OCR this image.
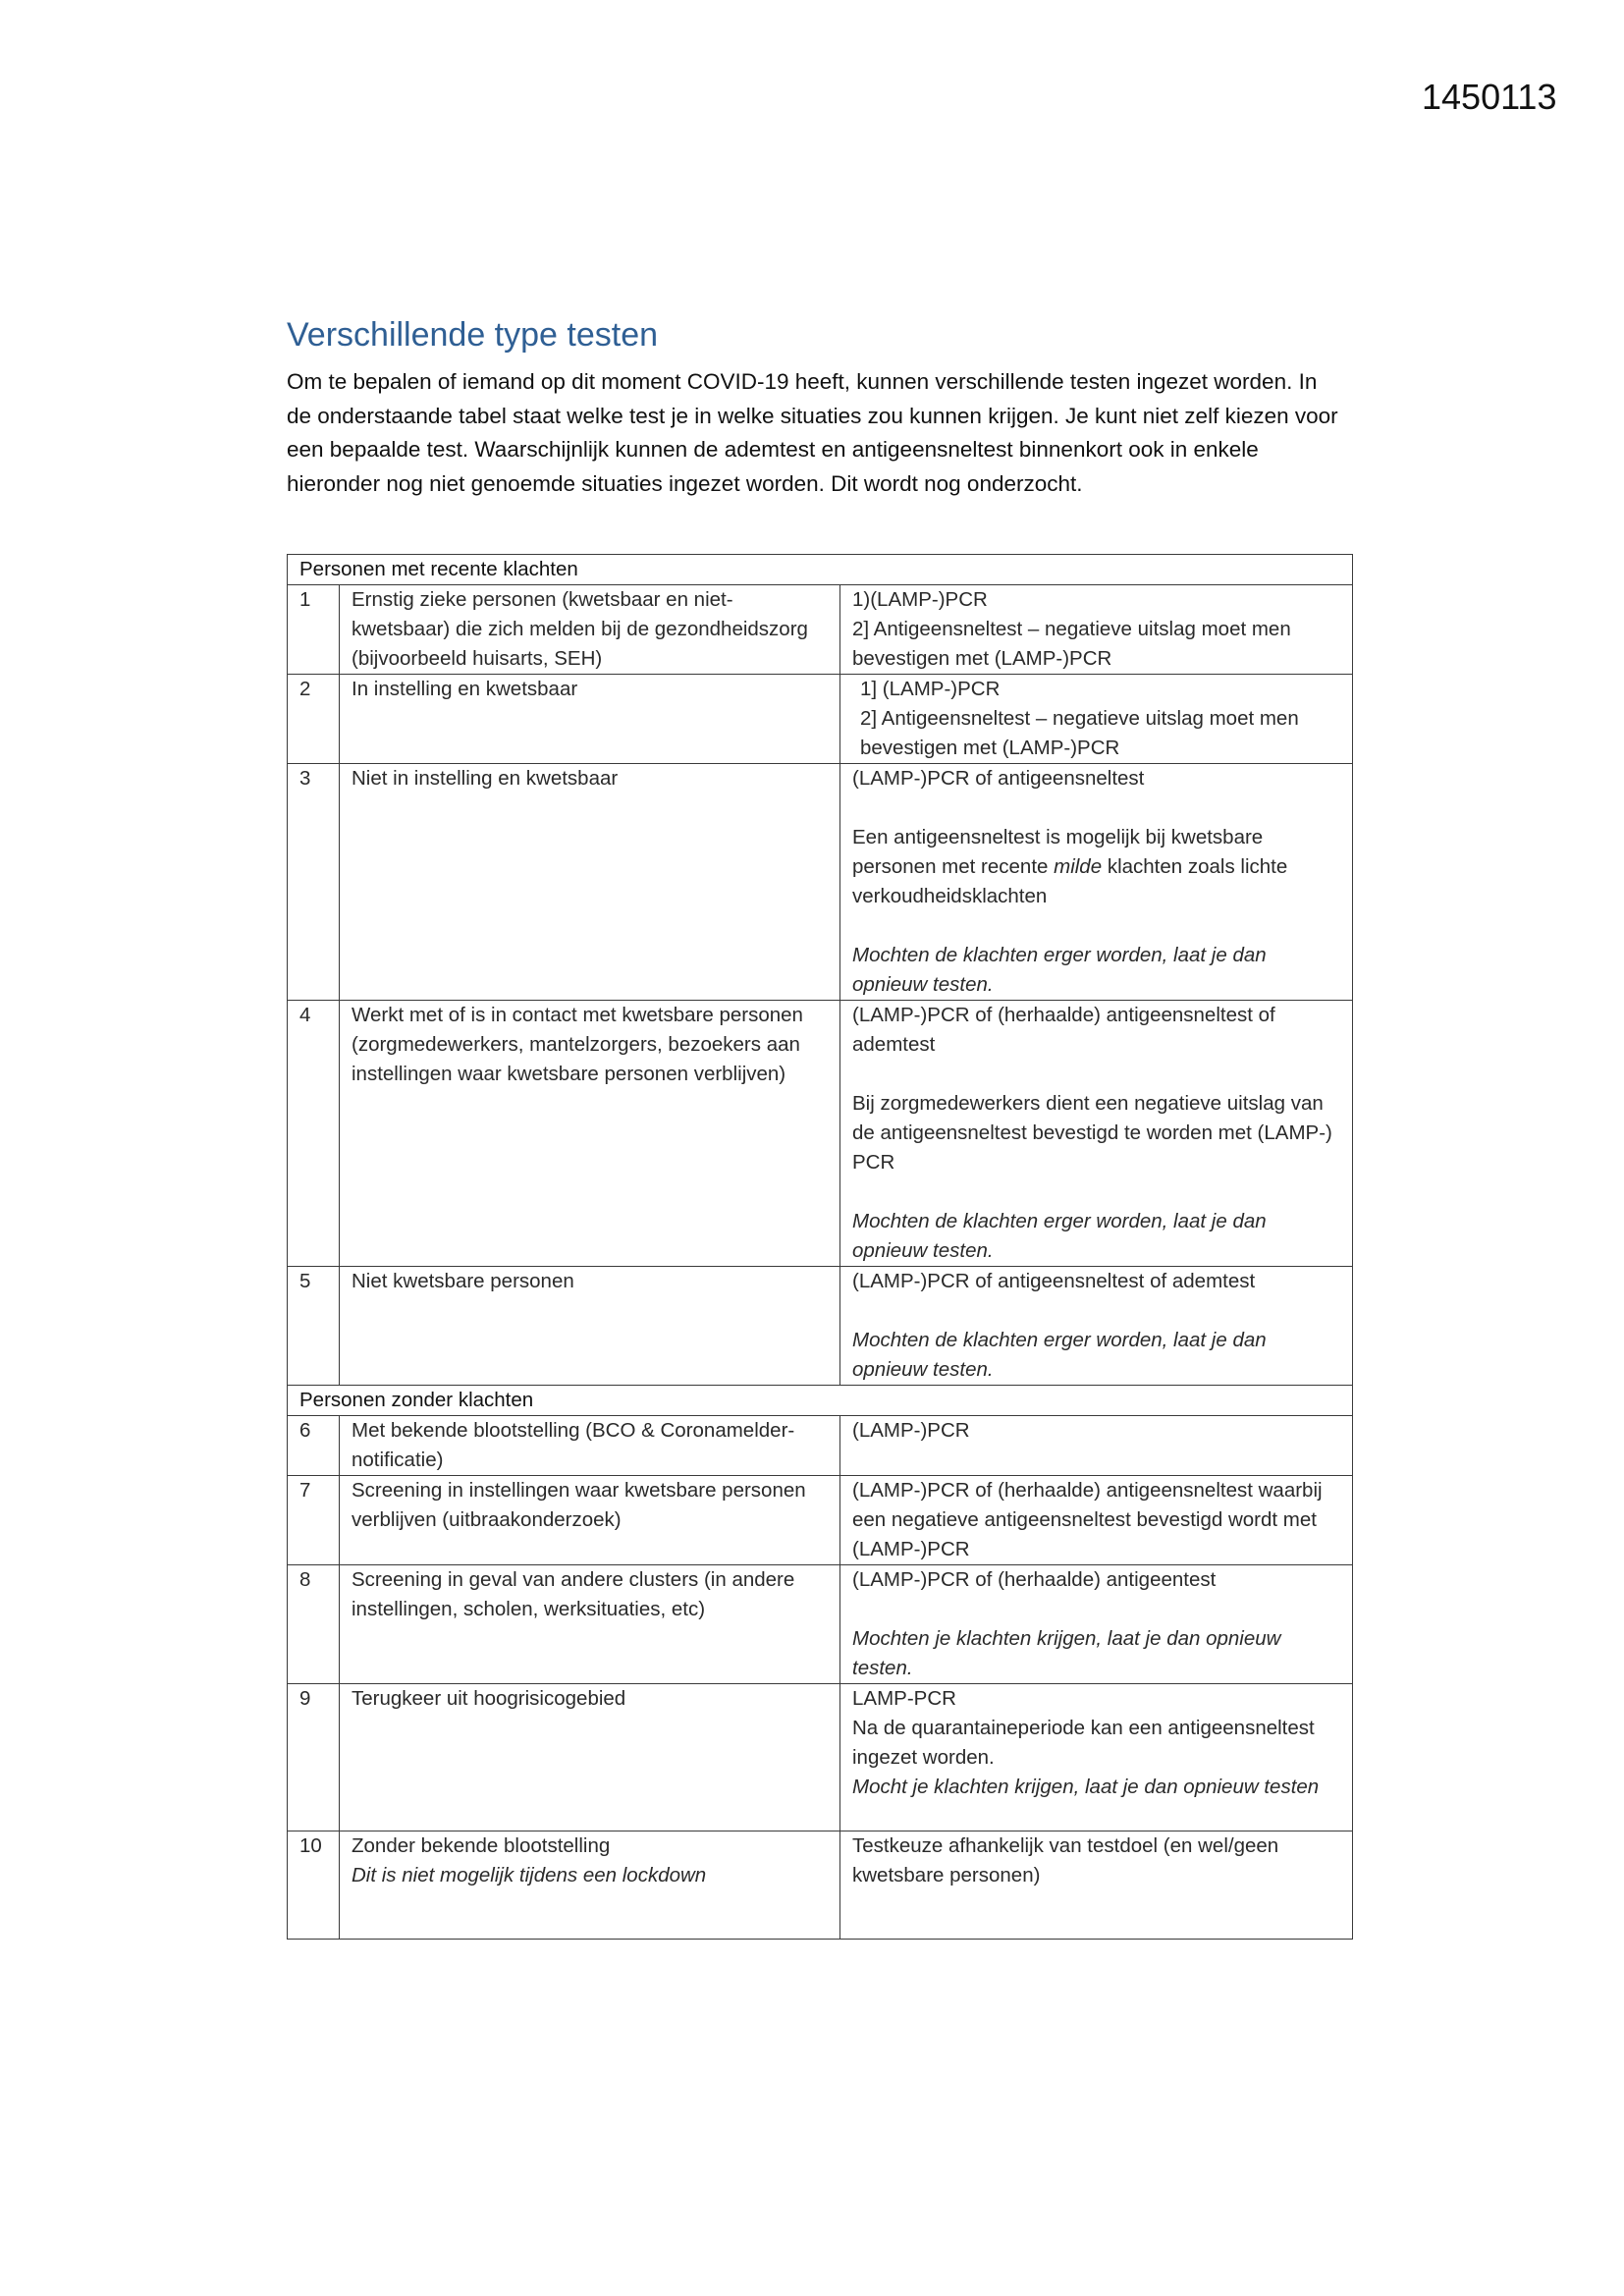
1450113
Verschillende type testen

Om te bepalen of iemand op dit moment COVID-19 heeft, kunnen verschillende testen ingezet worden. In de onderstaande tabel staat welke test je in welke situaties zou kunnen krijgen. Je kunt niet zelf kiezen voor een bepaalde test. Waarschijnlijk kunnen de ademtest en antigeensneltest binnenkort ook in enkele hieronder nog niet genoemde situaties ingezet worden. Dit wordt nog onderzocht.

Personen met recente klachten		
1	Ernstig zieke personen (kwetsbaar en niet-kwetsbaar) die zich melden bij de gezondheidszorg (bijvoorbeeld huisarts, SEH)	1)(LAMP-)PCR
2] Antigeensneltest – negatieve uitslag moet men bevestigen met (LAMP-)PCR

2	In instelling en kwetsbaar	1] (LAMP-)PCR
2] Antigeensneltest – negatieve uitslag moet men bevestigen met (LAMP-)PCR

3	Niet in instelling en kwetsbaar	(LAMP-)PCR of antigeensneltest
Een antigeensneltest is mogelijk bij kwetsbare personen met recente milde klachten zoals lichte verkoudheidsklachten
Mochten de klachten erger worden, laat je dan opnieuw testen.

4	Werkt met of is in contact met kwetsbare personen (zorgmedewerkers, mantelzorgers, bezoekers aan instellingen waar kwetsbare personen verblijven)	(LAMP-)PCR of (herhaalde) antigeensneltest of ademtest
Bij zorgmedewerkers dient een negatieve uitslag van de antigeensneltest bevestigd te worden met (LAMP-) PCR
Mochten de klachten erger worden, laat je dan opnieuw testen.

5	Niet kwetsbare personen	(LAMP-)PCR of antigeensneltest of ademtest
Mochten de klachten erger worden, laat je dan opnieuw testen.

Personen zonder klachten		
6	Met bekende blootstelling (BCO & Coronamelder-notificatie)	(LAMP-)PCR

7	Screening in instellingen waar kwetsbare personen verblijven (uitbraakonderzoek)	(LAMP-)PCR of (herhaalde) antigeensneltest waarbij een negatieve antigeensneltest bevestigd wordt met (LAMP-)PCR

8	Screening in geval van andere clusters (in andere instellingen, scholen, werksituaties, etc)	(LAMP-)PCR of (herhaalde) antigeentest
Mochten je klachten krijgen, laat je dan opnieuw testen.

9	Terugkeer uit hoogrisicogebied	LAMP-PCR
Na de quarantaineperiode kan een antigeensneltest ingezet worden.
Mocht je klachten krijgen, laat je dan opnieuw testen

10	Zonder bekende blootstelling
Dit is niet mogelijk tijdens een lockdown	Testkeuze afhankelijk van testdoel (en wel/geen kwetsbare personen)
